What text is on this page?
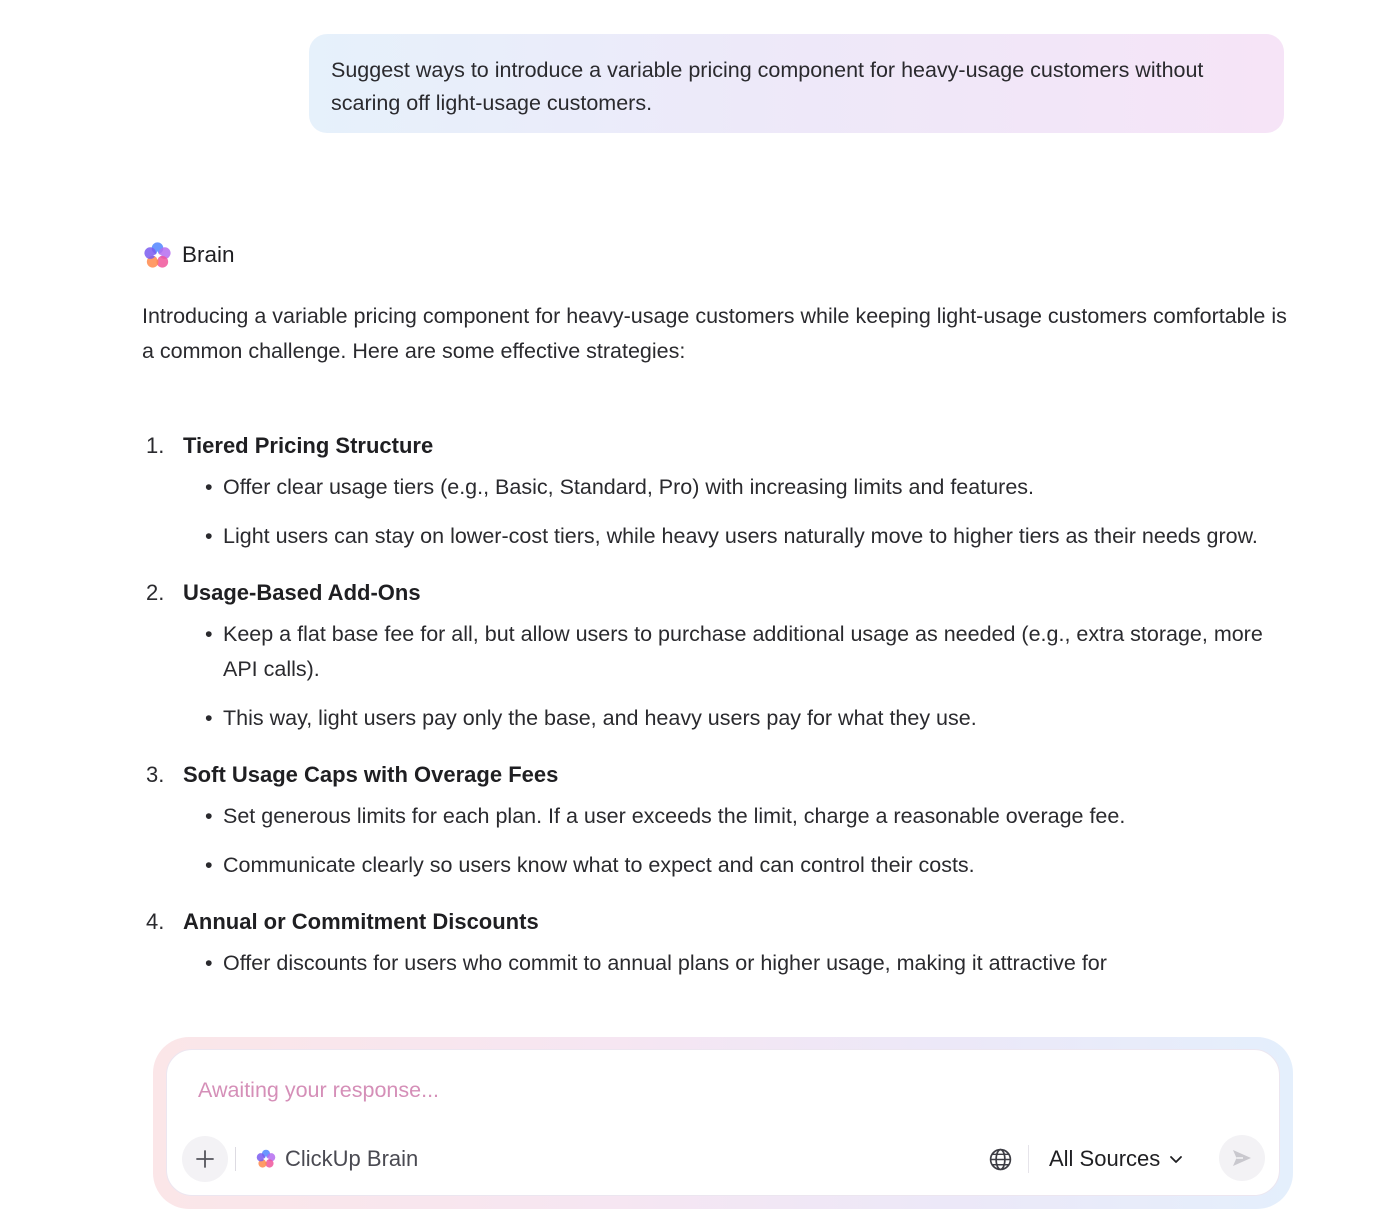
Suggest ways to introduce a variable pricing component for heavy-usage customers without scaring off light-usage customers.
Brain

Introducing a variable pricing component for heavy-usage customers while keeping light-usage customers comfortable is a common challenge. Here are some effective strategies:

1. Tiered Pricing Structure
• Offer clear usage tiers (e.g., Basic, Standard, Pro) with increasing limits and features.
• Light users can stay on lower-cost tiers, while heavy users naturally move to higher tiers as their needs grow.
2. Usage-Based Add-Ons
• Keep a flat base fee for all, but allow users to purchase additional usage as needed (e.g., extra storage, more API calls).
• This way, light users pay only the base, and heavy users pay for what they use.
3. Soft Usage Caps with Overage Fees
• Set generous limits for each plan. If a user exceeds the limit, charge a reasonable overage fee.
• Communicate clearly so users know what to expect and can control their costs.
4. Annual or Commitment Discounts
• Offer discounts for users who commit to annual plans or higher usage, making it attractive for
Awaiting your response...
ClickUp Brain	All Sources
